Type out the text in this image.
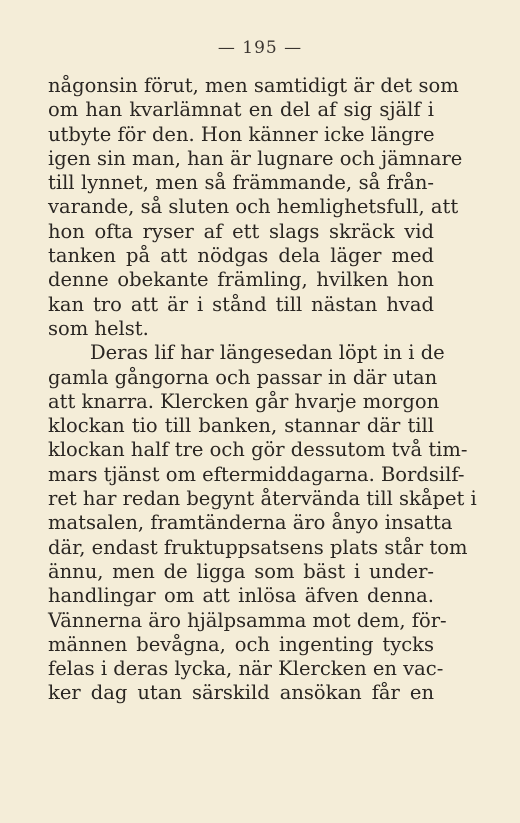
— 195 —
någonsin förut, men samtidigt är det som
om han kvarlämnat en del af sig själf i
utbyte för den. Hon känner icke längre
igen sin man, han är lugnare och jämnare
till lynnet, men så främmande, så från-
varande, så sluten och hemlighetsfull, att
hon ofta ryser af ett slags skräck vid
tanken på att nödgas dela läger med
denne obekante främling, hvilken hon
kan tro att är i stånd till nästan hvad
som helst.
Deras lif har längesedan löpt in i de
gamla gångorna och passar in där utan
att knarra. Klercken går hvarje morgon
klockan tio till banken, stannar där till
klockan half tre och gör dessutom två tim-
mars tjänst om eftermiddagarna. Bordsilf-
ret har redan begynt återvända till skåpet i
matsalen, framtänderna äro ånyo insatta
där, endast fruktuppsatsens plats står tom
ännu, men de ligga som bäst i under-
handlingar om att inlösa äfven denna.
Vännerna äro hjälpsamma mot dem, för-
männen bevågna, och ingenting tycks
felas i deras lycka, när Klercken en vac-
ker dag utan särskild ansökan får en
